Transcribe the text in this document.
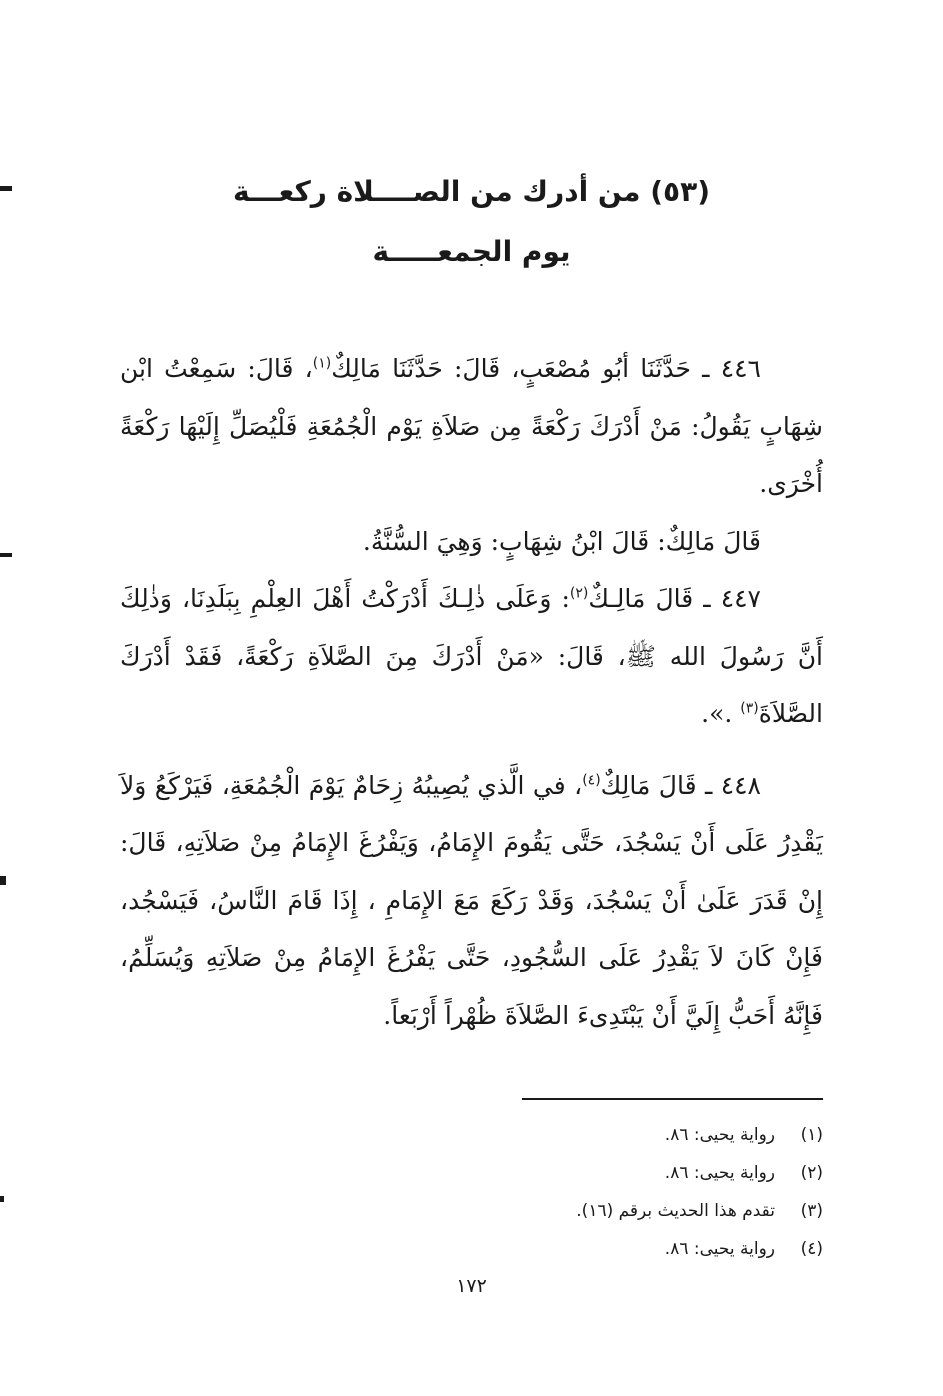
(٥٣) من أدرك من الصــــلاة ركعـــة
يوم الجمعـــــة

٤٤٦ ـ حَدَّثَنَا أبُو مُصْعَبٍ، قَالَ: حَدَّثَنَا مَالِكٌ$^{(١)}$، قَالَ: سَمِعْتُ ابْن شِهَابٍ يَقُولُ: مَنْ أَدْرَكَ رَكْعَةً مِن صَلاَةِ يَوْم الْجُمُعَةِ فَلْيُصَلِّ إِلَيْهَا رَكْعَةً أُخْرَى.

قَالَ مَالِكٌ: قَالَ ابْنُ شِهَابٍ: وَهِيَ السُّنَّةُ.

٤٤٧ ـ قَالَ مَالِـكٌ$^{(٢)}$: وَعَلَى ذٰلِـكَ أَدْرَكْتُ أَهْلَ العِلْمِ بِبَلَدِنَا، وَذٰلِكَ أَنَّ رَسُولَ الله ﷺ، قَالَ: «مَنْ أَدْرَكَ مِنَ الصَّلاَةِ رَكْعَةً، فَقَدْ أَدْرَكَ الصَّلاَةَ$^{(٣)}$ .».

٤٤٨ ـ قَالَ مَالِكٌ$^{(٤)}$، في الَّذي يُصِيبُهُ زِحَامٌ يَوْمَ الْجُمُعَةِ، فَيَرْكَعُ وَلاَ يَقْدِرُ عَلَى أَنْ يَسْجُدَ، حَتَّى يَقُومَ الإِمَامُ، وَيَفْرُغَ الإِمَامُ مِنْ صَلاَتِهِ، قَالَ: إِنْ قَدَرَ عَلَىٰ أَنْ يَسْجُدَ، وَقَدْ رَكَعَ مَعَ الإِمَامِ ، إِذَا قَامَ النَّاسُ، فَيَسْجُد، فَإِنْ كَانَ لاَ يَقْدِرُ عَلَى السُّجُودِ، حَتَّى يَفْرُغَ الإِمَامُ مِنْ صَلاَتِهِ وَيُسَلِّمُ، فَإِنَّهُ أَحَبُّ إِلَيَّ أَنْ يَبْتَدِىءَ الصَّلاَةَ ظُهْراً أَرْبَعاً.

(١)رواية يحيى: ٨٦.
(٢)رواية يحيى: ٨٦.
(٣)تقدم هذا الحديث برقم (١٦).
(٤)رواية يحيى: ٨٦.
١٧٢
